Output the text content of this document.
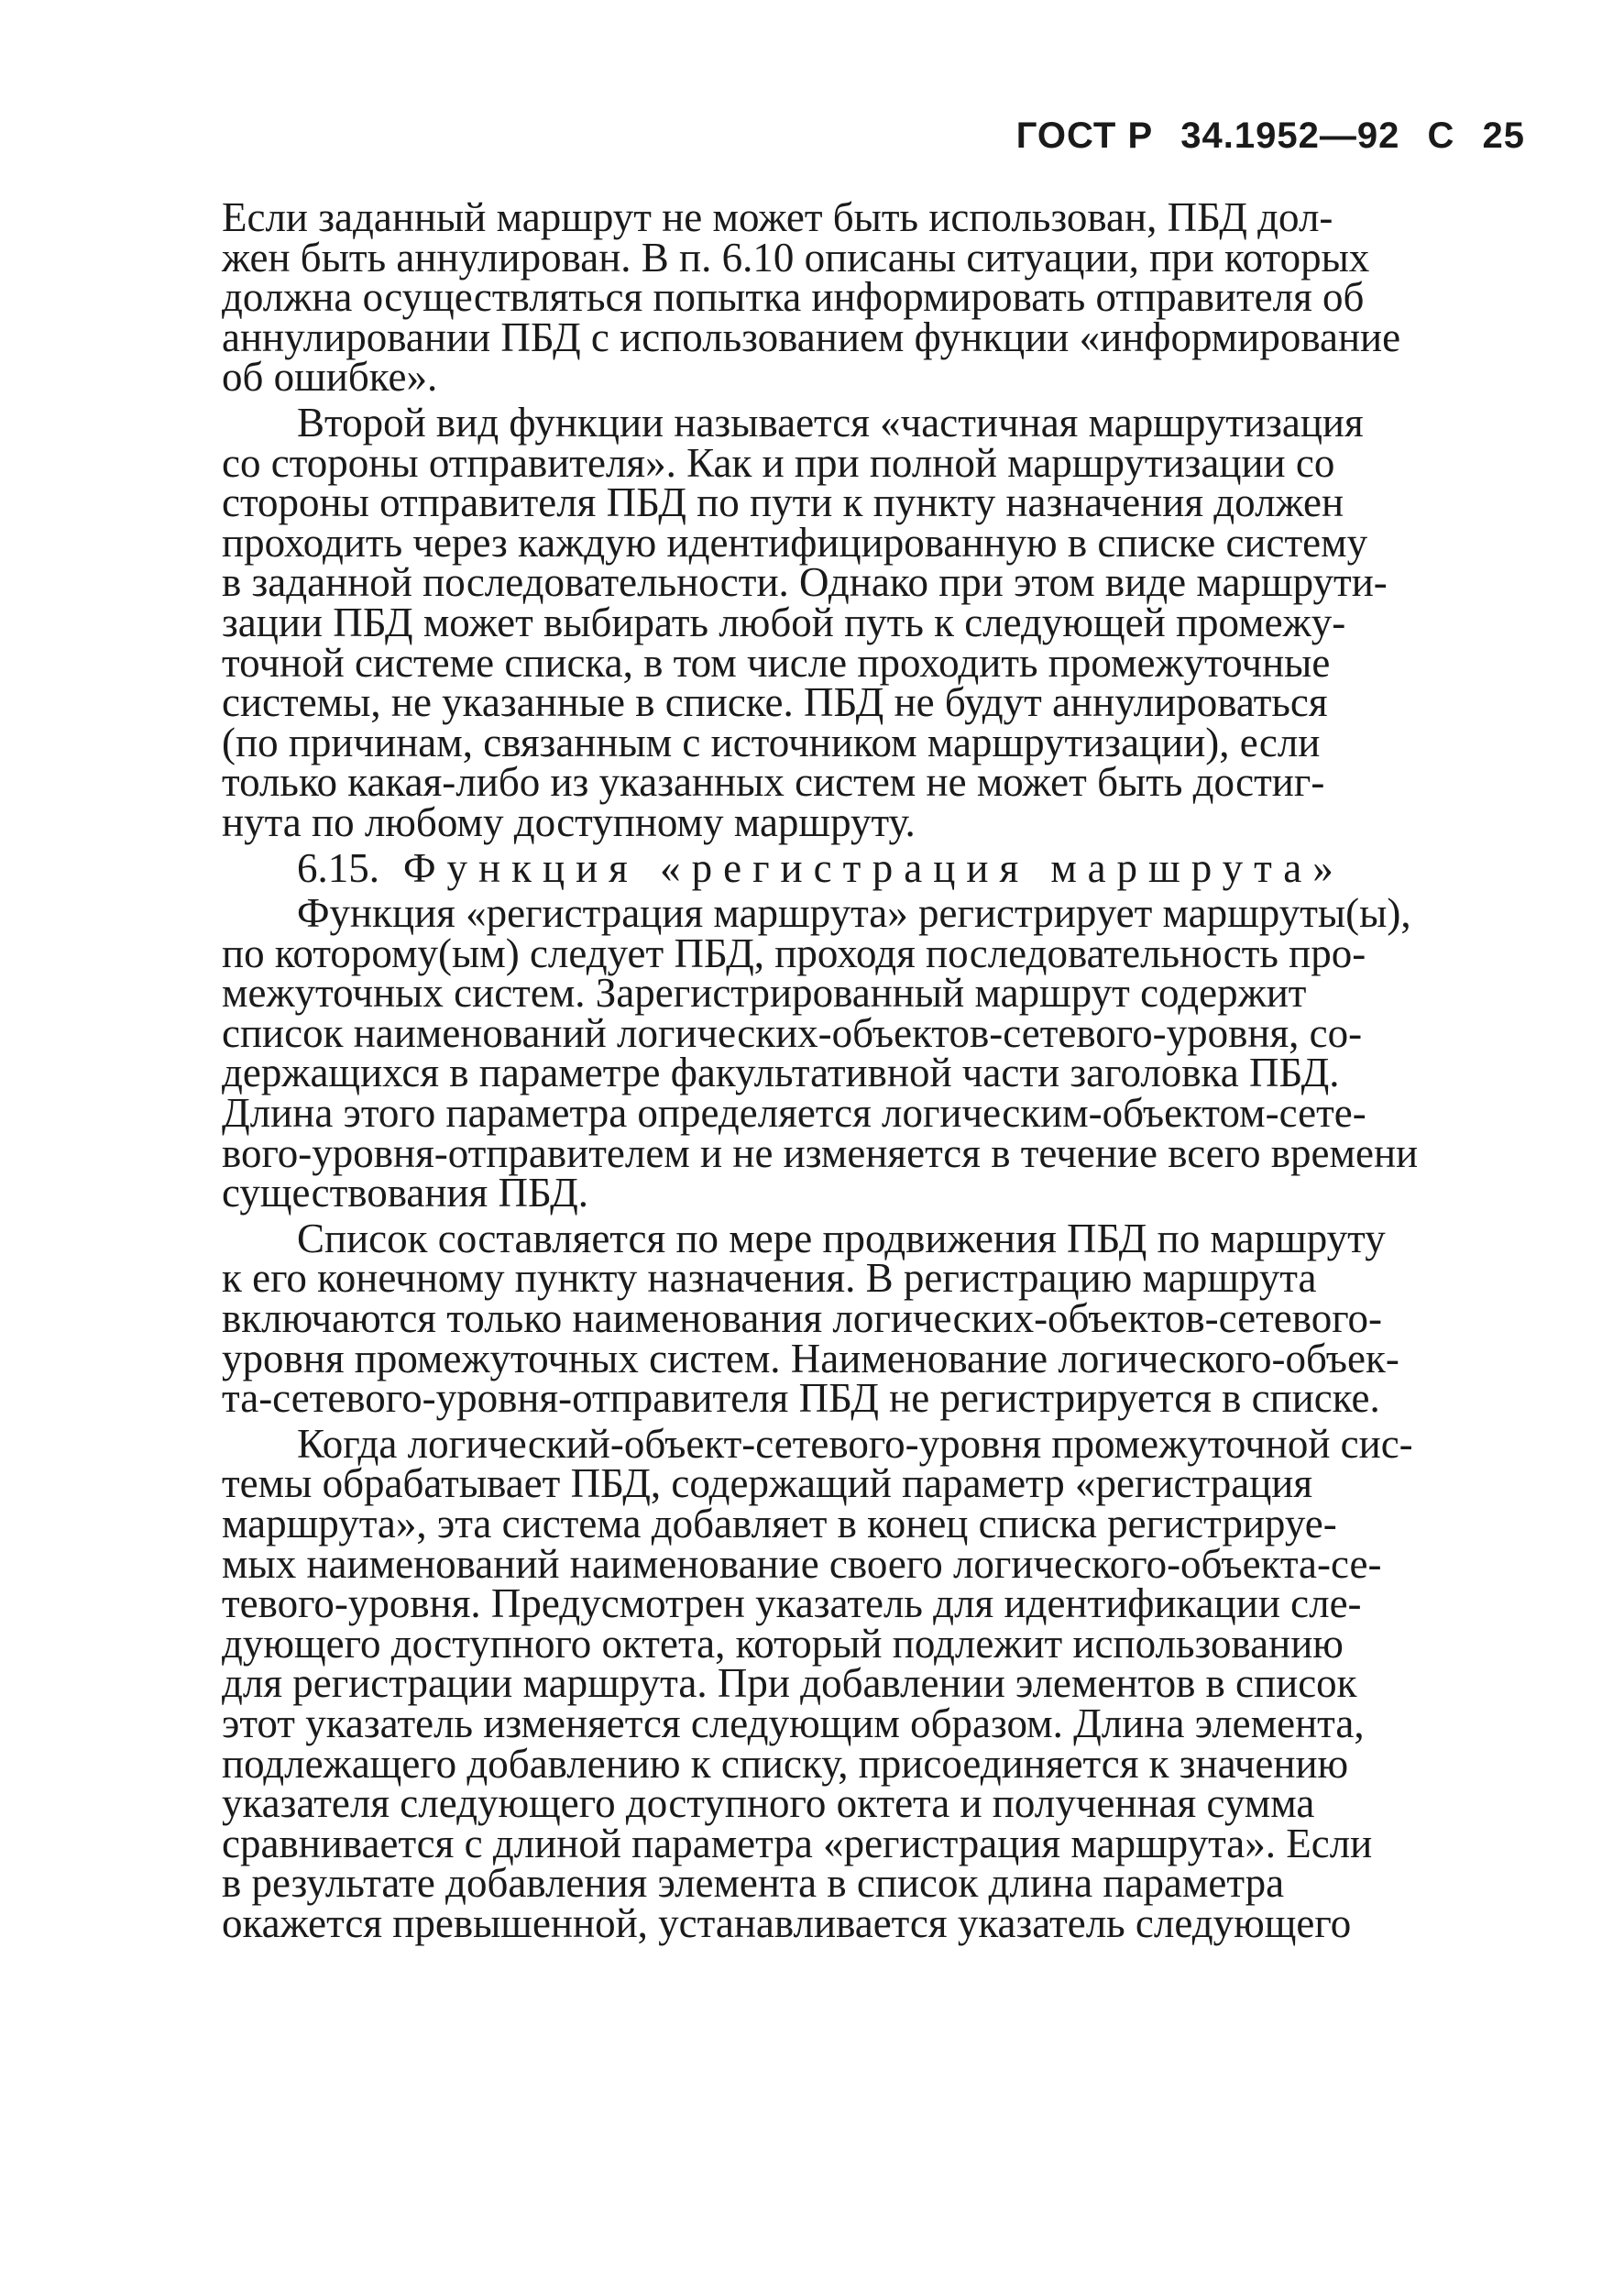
ГОСТ Р 34.1952—92 С 25

Если заданный маршрут не может быть использован, ПБД дол-
жен быть аннулирован. В п. 6.10 описаны ситуации, при которых
должна осуществляться попытка информировать отправителя об
аннулировании ПБД с использованием функции «информирование
об ошибке».

Второй вид функции называется «частичная маршрутизация
со стороны отправителя». Как и при полной маршрутизации со
стороны отправителя ПБД по пути к пункту назначения должен
проходить через каждую идентифицированную в списке систему
в заданной последовательности. Однако при этом виде маршрути-
зации ПБД может выбирать любой путь к следующей промежу-
точной системе списка, в том числе проходить промежуточные
системы, не указанные в списке. ПБД не будут аннулироваться
(по причинам, связанным с источником маршрутизации), если
только какая-либо из указанных систем не может быть достиг-
нута по любому доступному маршруту.

6.15. Функция «регистрация маршрута»

Функция «регистрация маршрута» регистрирует маршруты(ы),
по которому(ым) следует ПБД, проходя последовательность про-
межуточных систем. Зарегистрированный маршрут содержит
список наименований логических-объектов-сетевого-уровня, со-
держащихся в параметре факультативной части заголовка ПБД.
Длина этого параметра определяется логическим-объектом-сете-
вого-уровня-отправителем и не изменяется в течение всего времени
существования ПБД.

Список составляется по мере продвижения ПБД по маршруту
к его конечному пункту назначения. В регистрацию маршрута
включаются только наименования логических-объектов-сетевого-
уровня промежуточных систем. Наименование логического-объек-
та-сетевого-уровня-отправителя ПБД не регистрируется в списке.

Когда логический-объект-сетевого-уровня промежуточной сис-
темы обрабатывает ПБД, содержащий параметр «регистрация
маршрута», эта система добавляет в конец списка регистрируе-
мых наименований наименование своего логического-объекта-се-
тевого-уровня. Предусмотрен указатель для идентификации сле-
дующего доступного октета, который подлежит использованию
для регистрации маршрута. При добавлении элементов в список
этот указатель изменяется следующим образом. Длина элемента,
подлежащего добавлению к списку, присоединяется к значению
указателя следующего доступного октета и полученная сумма
сравнивается с длиной параметра «регистрация маршрута». Если
в результате добавления элемента в список длина параметра
окажется превышенной, устанавливается указатель следующего
